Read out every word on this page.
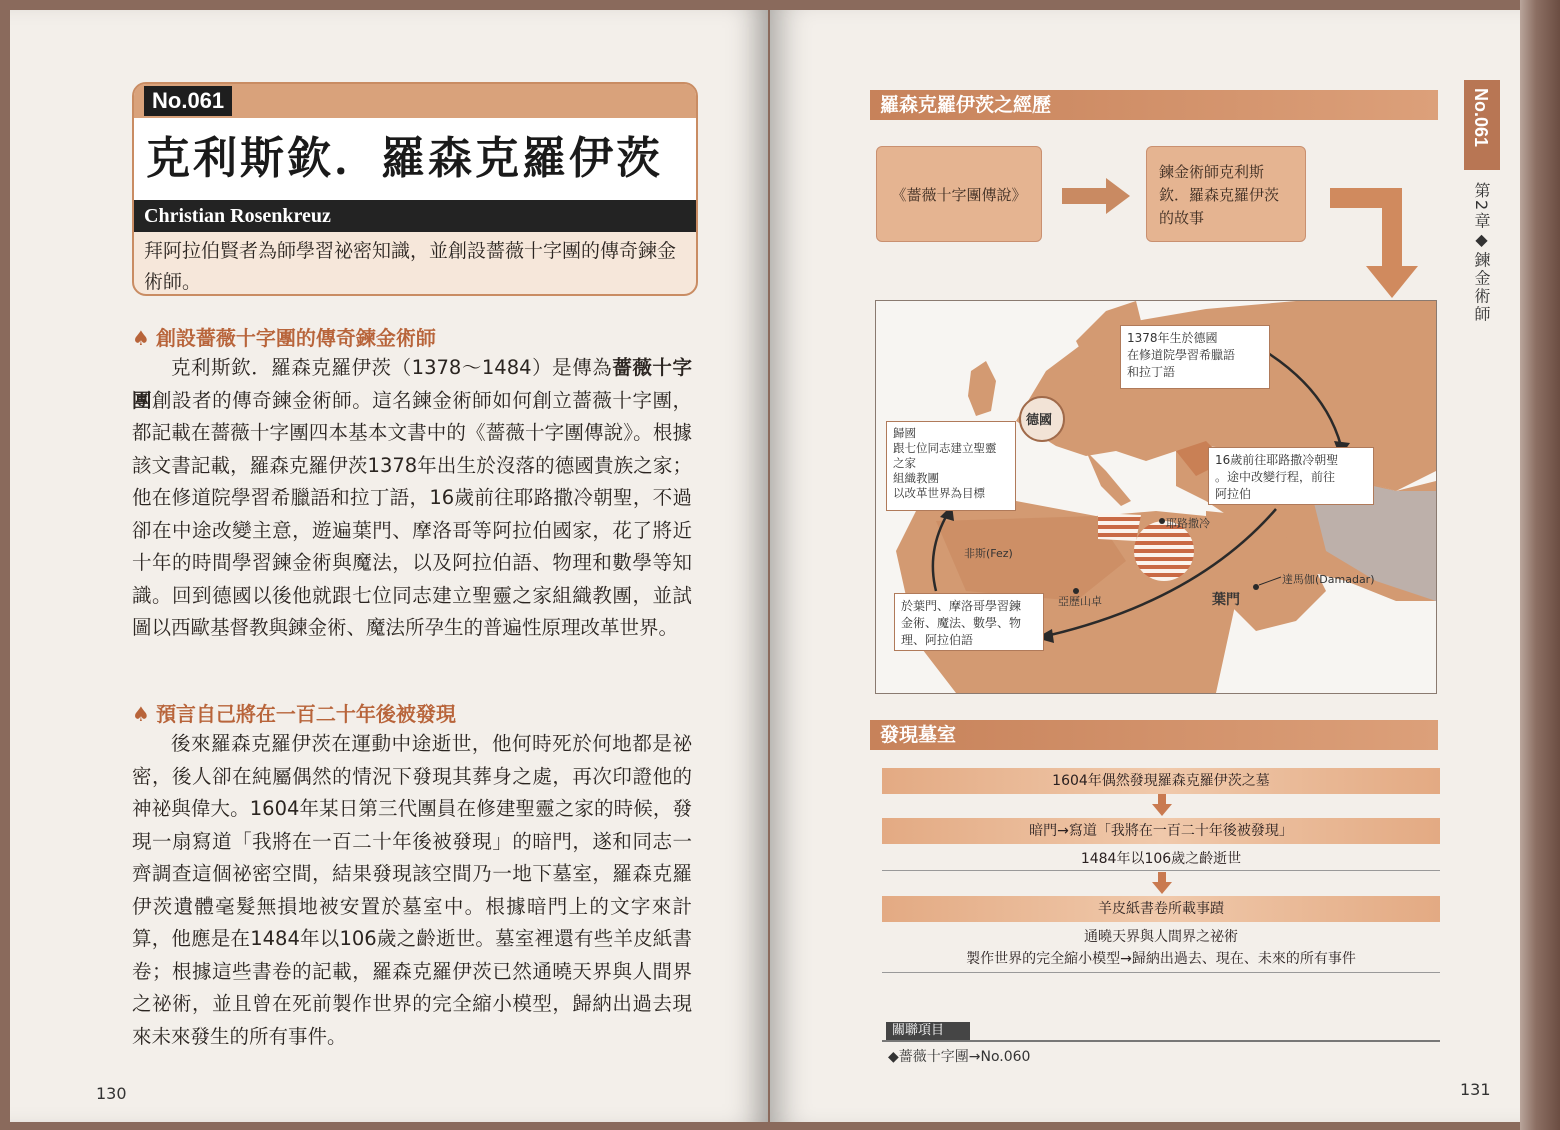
No.061
克利斯欽．羅森克羅伊茨
Christian Rosenkreuz
拜阿拉伯賢者為師學習祕密知識，並創設薔薇十字團的傳奇鍊金術師。
♠ 創設薔薇十字團的傳奇鍊金術師
克利斯欽．羅森克羅伊茨（1378～1484）是傳為薔薇十字團創設者的傳奇鍊金術師。這名鍊金術師如何創立薔薇十字團，都記載在薔薇十字團四本基本文書中的《薔薇十字團傳說》。根據該文書記載，羅森克羅伊茨1378年出生於沒落的德國貴族之家；他在修道院學習希臘語和拉丁語，16歲前往耶路撒冷朝聖，不過卻在中途改變主意，遊遍葉門、摩洛哥等阿拉伯國家，花了將近十年的時間學習鍊金術與魔法，以及阿拉伯語、物理和數學等知識。回到德國以後他就跟七位同志建立聖靈之家組織教團，並試圖以西歐基督教與鍊金術、魔法所孕生的普遍性原理改革世界。
♠ 預言自己將在一百二十年後被發現
後來羅森克羅伊茨在運動中途逝世，他何時死於何地都是祕密，後人卻在純屬偶然的情況下發現其葬身之處，再次印證他的神祕與偉大。1604年某日第三代團員在修建聖靈之家的時候，發現一扇寫道「我將在一百二十年後被發現」的暗門，遂和同志一齊調查這個祕密空間，結果發現該空間乃一地下墓室，羅森克羅伊茨遺體毫髮無損地被安置於墓室中。根據暗門上的文字來計算，他應是在1484年以106歲之齡逝世。墓室裡還有些羊皮紙書卷；根據這些書卷的記載，羅森克羅伊茨已然通曉天界與人間界之祕術，並且曾在死前製作世界的完全縮小模型，歸納出過去現來未來發生的所有事件。
130
No.061
第2章◆鍊金術師
羅森克羅伊茨之經歷
《薔薇十字團傳說》
鍊金術師克利斯欽．羅森克羅伊茨的故事
1378年生於德國
在修道院學習希臘語
和拉丁語
歸國
跟七位同志建立聖靈
之家
組織教團
以改革世界為目標
16歲前往耶路撒冷朝聖
。途中改變行程，前往
阿拉伯
於葉門、摩洛哥學習鍊
金術、魔法、數學、物
理、阿拉伯語
德國
非斯(Fez)
耶路撒冷
亞歷山卓	葉門
達馬伽(Damadar)
發現墓室
1604年偶然發現羅森克羅伊茨之墓
暗門→寫道「我將在一百二十年後被發現」
1484年以106歲之齡逝世
羊皮紙書卷所載事蹟
通曉天界與人間界之祕術
製作世界的完全縮小模型→歸納出過去、現在、未來的所有事件
關聯項目
◆薔薇十字團→No.060
131
